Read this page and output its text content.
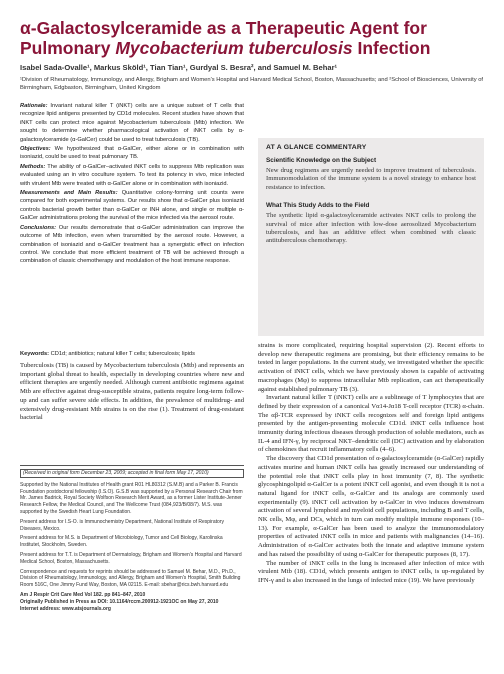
α-Galactosylceramide as a Therapeutic Agent for
Pulmonary Mycobacterium tuberculosis Infection
Isabel Sada-Ovalle¹, Markus Sköld¹, Tian Tian¹, Gurdyal S. Besra², and Samuel M. Behar¹
¹Division of Rheumatology, Immunology, and Allergy, Brigham and Women's Hospital and Harvard Medical School, Boston, Massachusetts; and ²School of Biosciences, University of Birmingham, Edgbaston, Birmingham, United Kingdom

Rationale: Invariant natural killer T (iNKT) cells are a unique subset of T cells that recognize lipid antigens presented by CD1d molecules. Recent studies have shown that iNKT cells can protect mice against Mycobacterium tuberculosis (Mtb) infection. We sought to determine whether pharmacological activation of iNKT cells by α-galactosylceramide (α-GalCer) could be used to treat tuberculosis (TB).

Objectives: We hypothesized that α-GalCer, either alone or in combination with isoniazid, could be used to treat pulmonary TB.

Methods: The ability of α-GalCer–activated iNKT cells to suppress Mtb replication was evaluated using an in vitro coculture system. To test its potency in vivo, mice infected with virulent Mtb were treated with α-GalCer alone or in combination with isoniazid.

Measurements and Main Results: Quantitative colony-forming unit counts were compared for both experimental systems. Our results show that α-GalCer plus isoniazid controls bacterial growth better than α-GalCer or INH alone, and single or multiple α-GalCer administrations prolong the survival of the mice infected via the aerosol route.

Conclusions: Our results demonstrate that α-GalCer administration can improve the outcome of Mtb infection, even when transmitted by the aerosol route. However, a combination of isoniazid and α-GalCer treatment has a synergistic effect on infection control. We conclude that more efficient treatment of TB will be achieved through a combination of classic chemotherapy and modulation of the host immune response.

Keywords: CD1d; antibiotics; natural killer T cells; tuberculosis; lipids

Tuberculosis (TB) is caused by Mycobacterium tuberculosis (Mtb) and represents an important global threat to health, especially in developing countries where new and efficient therapies are urgently needed. Although current antibiotic regimens against Mtb are effective against drug-susceptible strains, patients require long-term follow-up and can suffer severe side effects. In addition, the prevalence of multidrug- and extensively drug-resistant Mtb strains is on the rise (1). Treatment of drug-resistant bacterial

(Received in original form December 23, 2009; accepted in final form May 17, 2010)

Supported by the National Institutes of Health grant R01 HL80312 (S.M.B) and a Parker B. Francis Foundation postdoctoral fellowship (I.S.O). G.S.B was supported by a Personal Research Chair from Mr. James Badrick, Royal Society Wolfson Research Merit Award, as a former Lister Institute-Jenner Research Fellow, the Medical Council, and The Wellcome Trust (084,923/B/08/7). M.S. was supported by the Swedish Heart Lung Foundation.

Present address for I.S-O. is Immunochemistry Department, National Institute of Respiratory Diseases, Mexico.

Present address for M.S. is Department of Microbiology, Tumor and Cell Biology, Karolinska Institutet, Stockholm, Sweden.

Present address for T.T. is Department of Dermatology, Brigham and Women's Hospital and Harvard Medical School, Boston, Massachusetts.

Correspondence and requests for reprints should be addressed to Samuel M. Behar, M.D., Ph.D., Division of Rheumatology, Immunology, and Allergy, Brigham and Women's Hospital, Smith Building Room 516C, One Jimmy Fund Way, Boston, MA 02115. E-mail: sbehar@rics.bwh.harvard.edu

Am J Respir Crit Care Med Vol 182. pp 841–847, 2010

Originally Published in Press as DOI: 10.1164/rccm.200912-1921OC on May 27, 2010

Internet address: www.atsjournals.org

AT A GLANCE COMMENTARY
Scientific Knowledge on the Subject

New drug regimens are urgently needed to improve treatment of tuberculosis. Immunomodulation of the immune system is a novel strategy to enhance host resistance to infection.

What This Study Adds to the Field

The synthetic lipid α-galactosylceramide activates NKT cells to prolong the survival of mice after infection with low-dose aerosolized Mycobacterium tuberculosis, and has an additive effect when combined with classic antituberculous chemotherapy.

strains is more complicated, requiring hospital supervision (2). Recent efforts to develop new therapeutic regimens are promising, but their efficiency remains to be tested in larger populations. In the current study, we investigated whether the specific activation of iNKT cells, which we have previously shown is capable of activating macrophages (Mφ) to suppress intracellular Mtb replication, can act therapeutically against established pulmonary TB (3).

Invariant natural killer T (iNKT) cells are a sublineage of T lymphocytes that are defined by their expression of a canonical Vα14-Jα18 T-cell receptor (TCR) α-chain. The αβ-TCR expressed by iNKT cells recognizes self and foreign lipid antigens presented by the antigen-presenting molecule CD1d. iNKT cells influence host immunity during infectious diseases through production of soluble mediators, such as IL-4 and IFN-γ, by reciprocal NKT–dendritic cell (DC) activation and by elaboration of chemokines that recruit inflammatory cells (4–6).

The discovery that CD1d presentation of α-galactosylceramide (α-GalCer) rapidly activates murine and human iNKT cells has greatly increased our understanding of the potential role that iNKT cells play in host immunity (7, 8). The synthetic glycosphingolipid α-GalCer is a potent iNKT cell agonist, and even though it is not a natural ligand for iNKT cells, α-GalCer and its analogs are commonly used experimentally (9). iNKT cell activation by α-GalCer in vivo induces downstream activation of several lymphoid and myeloid cell populations, including B and T cells, NK cells, Mφ, and DCs, which in turn can modify multiple immune responses (10–13). For example, α-GalCer has been used to analyze the immunomodulatory properties of activated iNKT cells in mice and patients with malignancies (14–16). Administration of α-GalCer activates both the innate and adaptive immune system and has raised the possibility of using α-GalCer for therapeutic purposes (8, 17).

The number of iNKT cells in the lung is increased after infection of mice with virulent Mtb (18). CD1d, which presents antigen to iNKT cells, is up-regulated by IFN-γ and is also increased in the lungs of infected mice (19). We have previously
